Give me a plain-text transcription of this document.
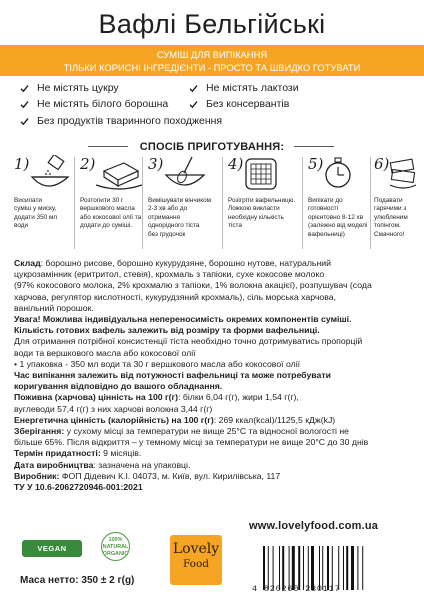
Вафлі Бельгійські
СУМІШ ДЛЯ ВИПІКАННЯ
ТІЛЬКИ КОРИСНІ ІНГРЕДІЄНТИ - ПРОСТО ТА ШВИДКО ГОТУВАТИ
Не містять цукру	Не містять лактози
Не містять білого борошна	Без консервантів
Без продуктів тваринного походження
СПОСІБ ПРИГОТУВАННЯ:
1)
Висипати
суміш у миску,
додати 350 мл
води
2)
Розтопити 30 г
вершкового масла
або кокосової олії та
додати до суміші.
3)
Вимішувати вінчиком
2-3 хв або до
отримання
однорідного тіста
без грудочок
4)
Розігріти вафельницю.
Ложкою викласти
необхідну кількість
тіста
5)
Випікати до
готовності
орієнтовно 8-12 хв
(залежно від моделі
вафельниці)
6)
Подавати
гарячими з
улюбленим
топінгом.
Смачного!

Склад: борошно рисове, борошно кукурудзяне, борошно нутове, натуральний

цукрозамінник (еритритол, стевія), крохмаль з тапіоки, сухе кокосове молоко

(97% кокосового молока, 2% крохмалю з тапіоки, 1% волокна акацієї), розпушувач (сода

харчова, регулятор кислотності, кукурудзяний крохмаль), сіль морська харчова,

ванільний порошок.

Увага! Можлива індивідуальна непереносимість окремих компонентів суміші.

Кількість готових вафель залежить від розміру та форми вафельниці.

Для отримання потрібної консистенції тіста необхідно точно дотримуватись пропорцій

води та вершкового масла або кокосової олії

• 1 упаковка - 350 мл води та 30 г вершкового масла або кокосової олії

Час випікання залежить від потужності вафельниці та може потребувати

коригування відповідно до вашого обладнання.

Поживна (харчова) цінність на 100 г(г): білки 6,04 г(г), жири 1,54 г(г),

вуглеводи 57,4 г(г) з них харчові волокна 3,44 г(г)

Енергетична цінність (калорійність) на 100 г(г): 269 ккал(kcal)/1125,5 кДж(kJ)

Зберігання: у сухому місці за температури не вище 25°С та відносної вологості не

більше 65%. Після відкриття – у темному місці за температури не вище 20°С до 30 днів

Термін придатності: 9 місяців.

Дата виробництва: зазначена на упаковці.

Виробник: ФОП Дідевич К.І. 04073, м. Київ, вул. Кирилівська, 117

ТУ У 10.6-2062720946-001:2021

www.lovelyfood.com.ua
VEGAN
100%
NATURAL
ORGANIC	Lovely
Food
Маса нетто: 350 ± 2 г(g)
4 820260 230117
